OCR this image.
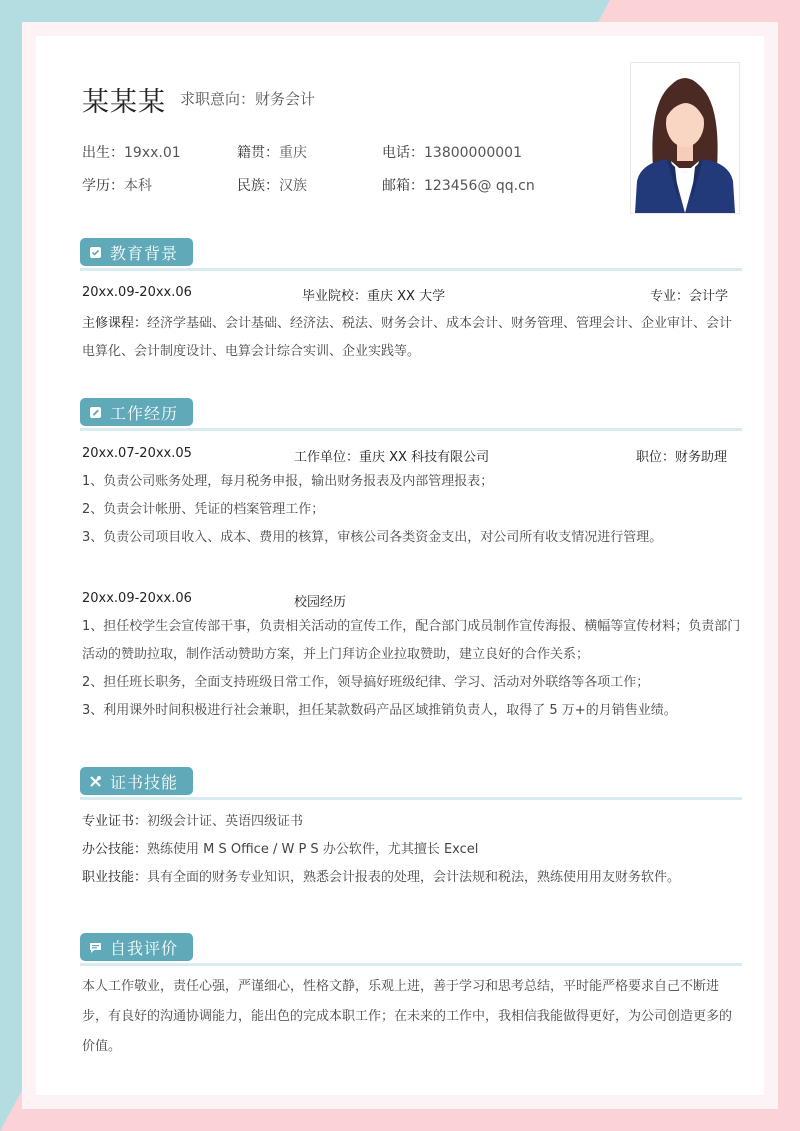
某某某 求职意向：财务会计
出生：19xx.01	籍贯：重庆	电话：13800000001
学历：本科	民族：汉族	邮箱：123456@ qq.cn
教育背景
20xx.09-20xx.06	毕业院校：重庆 XX 大学	专业：会计学
主修课程：经济学基础、会计基础、经济法、税法、财务会计、成本会计、财务管理、管理会计、企业审计、会计电算化、会计制度设计、电算会计综合实训、企业实践等。
工作经历
20xx.07-20xx.05	工作单位：重庆 XX 科技有限公司	职位：财务助理
1、负责公司账务处理，每月税务申报，输出财务报表及内部管理报表；
2、负责会计帐册、凭证的档案管理工作；
3、负责公司项目收入、成本、费用的核算，审核公司各类资金支出，对公司所有收支情况进行管理。
20xx.09-20xx.06	校园经历
1、担任校学生会宣传部干事，负责相关活动的宣传工作，配合部门成员制作宣传海报、横幅等宣传材料；负责部门活动的赞助拉取，制作活动赞助方案，并上门拜访企业拉取赞助，建立良好的合作关系；
2、担任班长职务，全面支持班级日常工作，领导搞好班级纪律、学习、活动对外联络等各项工作；
3、利用课外时间积极进行社会兼职，担任某款数码产品区域推销负责人，取得了 5 万+的月销售业绩。
证书技能
专业证书：初级会计证、英语四级证书
办公技能：熟练使用 M S Office / W P S 办公软件，尤其擅长 Excel
职业技能：具有全面的财务专业知识，熟悉会计报表的处理，会计法规和税法，熟练使用用友财务软件。
自我评价
本人工作敬业，责任心强，严谨细心，性格文静，乐观上进，善于学习和思考总结，平时能严格要求自己不断进步，有良好的沟通协调能力，能出色的完成本职工作；在未来的工作中，我相信我能做得更好，为公司创造更多的价值。
